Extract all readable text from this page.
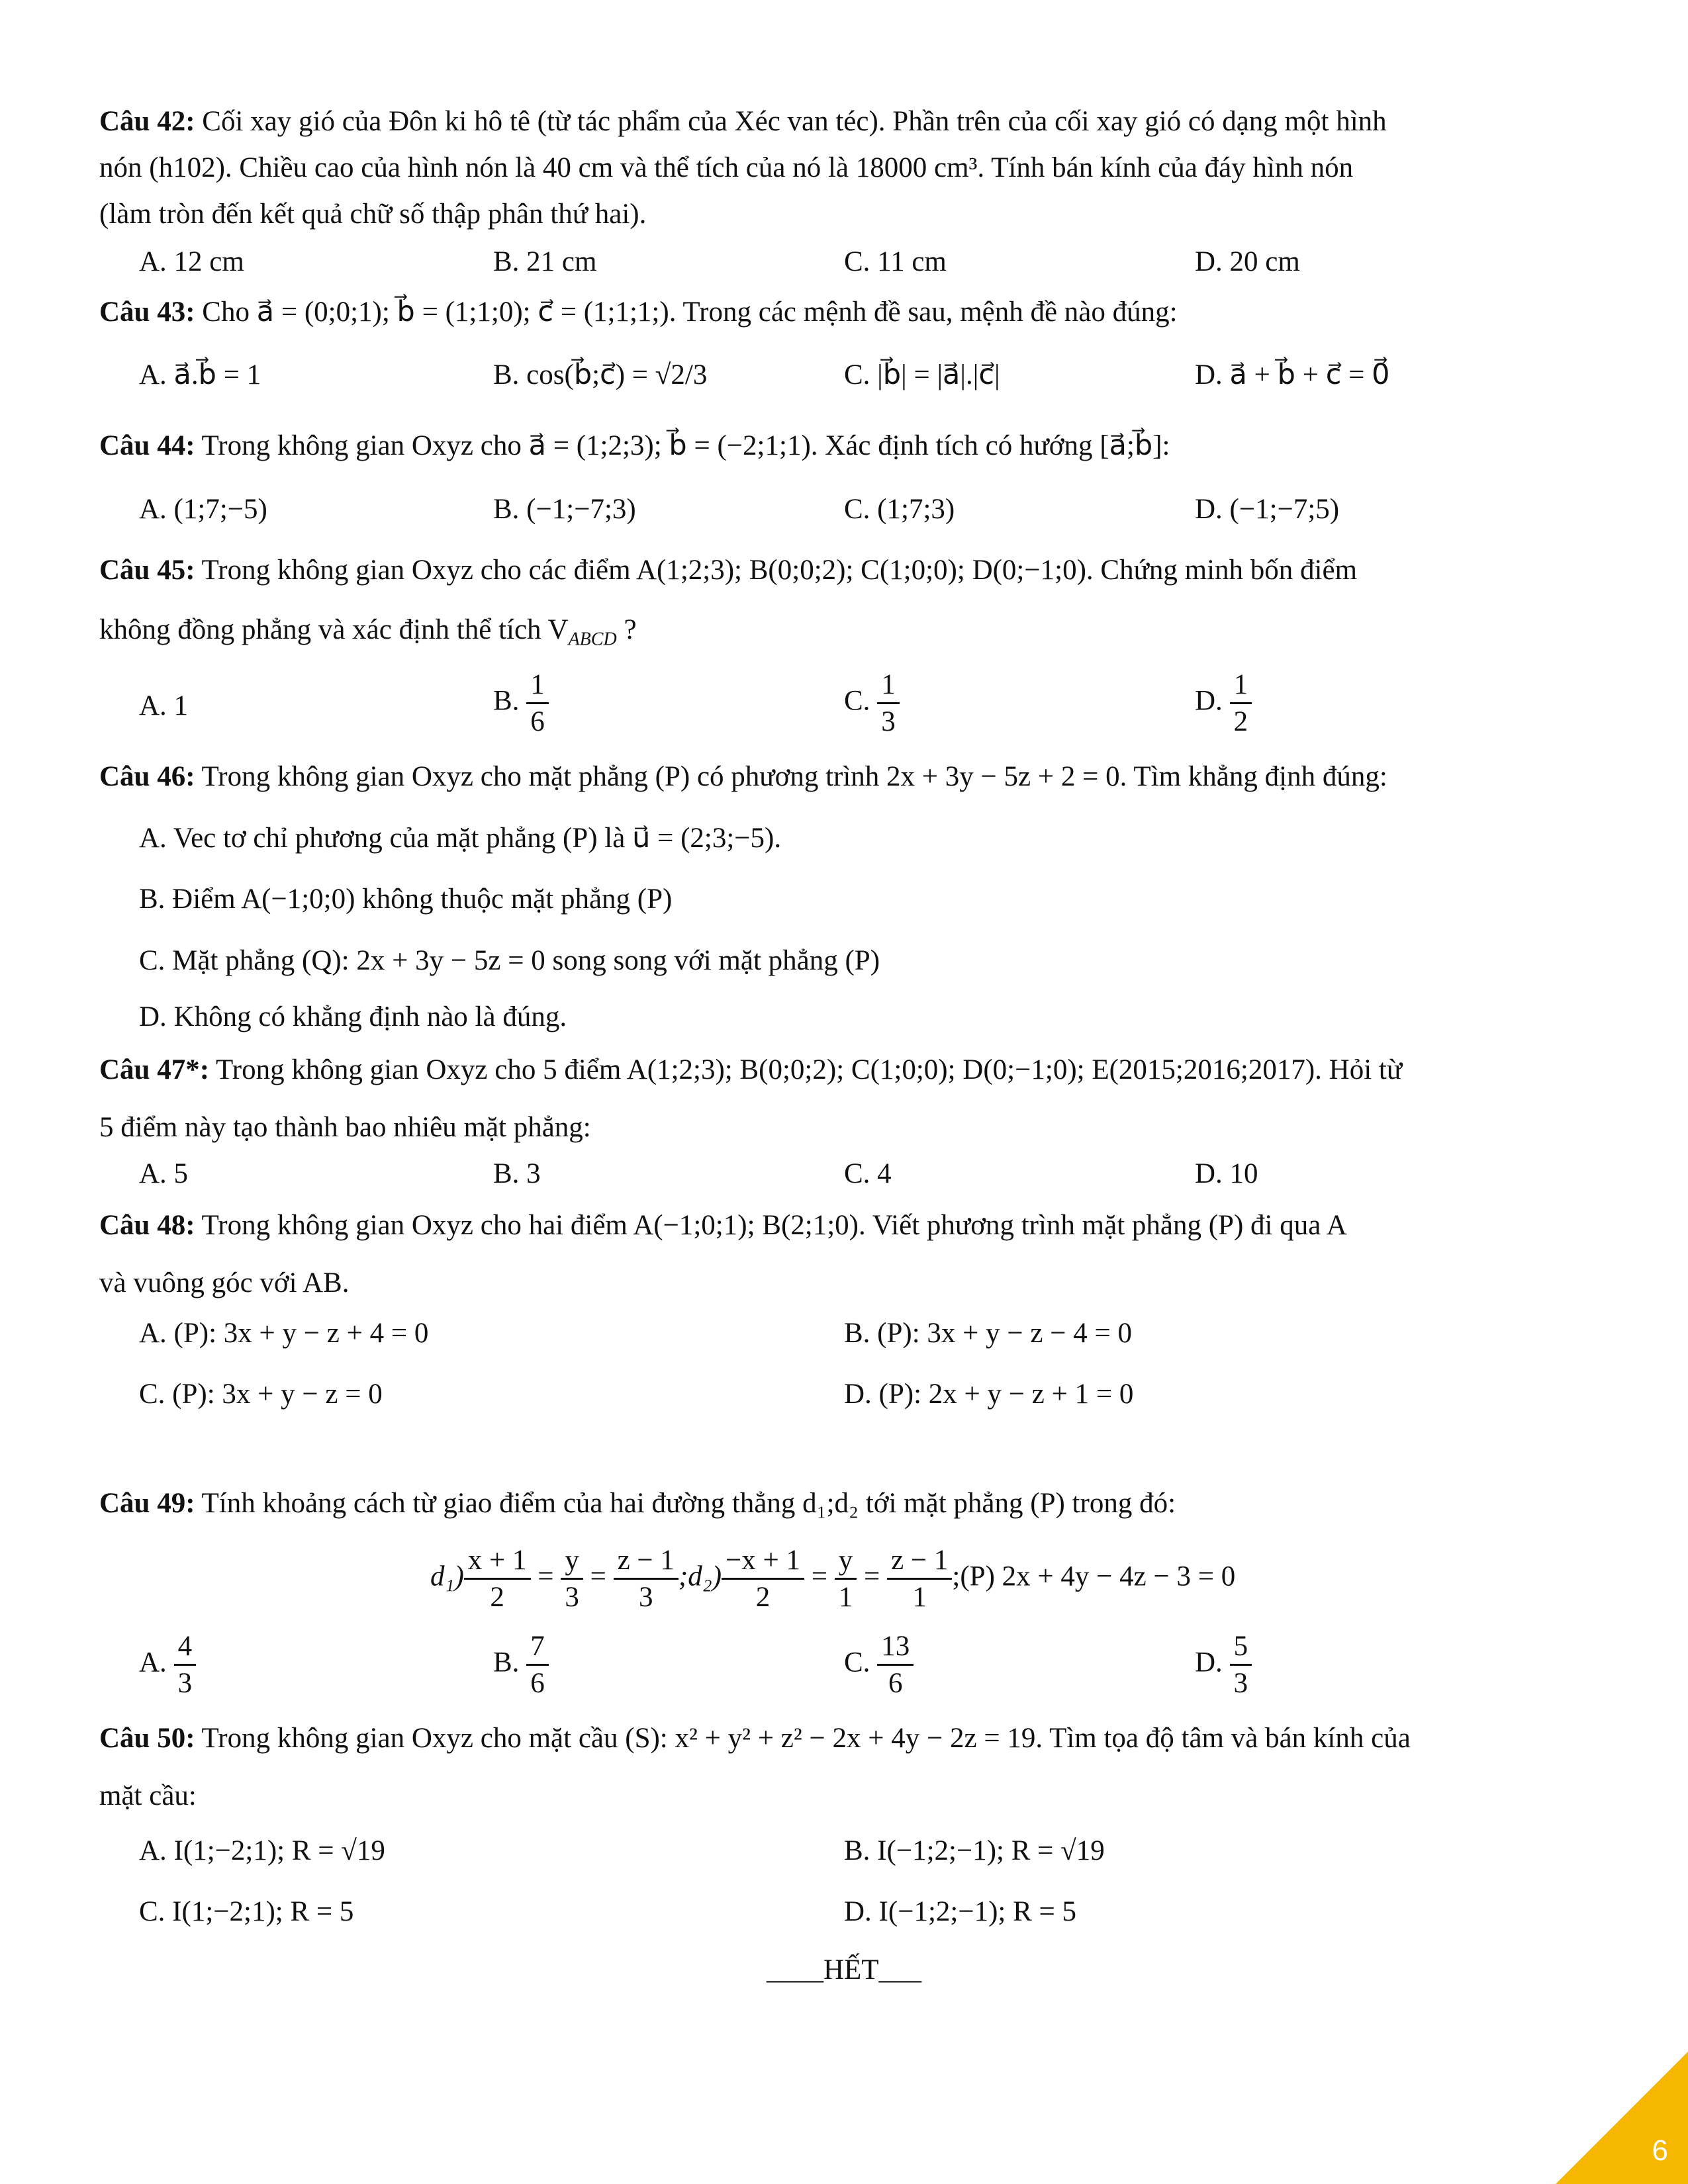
Câu 42: Cối xay gió của Đôn ki hô tê (từ tác phẩm của Xéc van téc). Phần trên của cối xay gió có dạng một hình
nón (h102). Chiều cao của hình nón là 40 cm và thể tích của nó là 18000 cm³. Tính bán kính của đáy hình nón
(làm tròn đến kết quả chữ số thập phân thứ hai).
A. 12 cm	B. 21 cm	C. 11 cm	D. 20 cm
Câu 43: Cho a⃗ = (0;0;1); b⃗ = (1;1;0); c⃗ = (1;1;1;). Trong các mệnh đề sau, mệnh đề nào đúng:
A. a⃗.b⃗ = 1	B. cos(b⃗;c⃗) = √2/3	C. |b⃗| = |a⃗|.|c⃗|	D. a⃗ + b⃗ + c⃗ = 0⃗
Câu 44: Trong không gian Oxyz cho a⃗ = (1;2;3); b⃗ = (−2;1;1). Xác định tích có hướng [a⃗;b⃗]:
A. (1;7;−5)	B. (−1;−7;3)	C. (1;7;3)	D. (−1;−7;5)
Câu 45: Trong không gian Oxyz cho các điểm A(1;2;3); B(0;0;2); C(1;0;0); D(0;−1;0). Chứng minh bốn điểm
không đồng phẳng và xác định thể tích $V_{ABCD}$ ?
A. 1	B. $\frac{1}{6}$	C. $\frac{1}{3}$	D. $\frac{1}{2}$
Câu 46: Trong không gian Oxyz cho mặt phẳng (P) có phương trình 2x + 3y − 5z + 2 = 0. Tìm khẳng định đúng:
A. Vec tơ chỉ phương của mặt phẳng (P) là u⃗ = (2;3;−5).
B. Điểm A(−1;0;0) không thuộc mặt phẳng (P)
C. Mặt phẳng (Q): 2x + 3y − 5z = 0 song song với mặt phẳng (P)
D. Không có khẳng định nào là đúng.
Câu 47*: Trong không gian Oxyz cho 5 điểm A(1;2;3); B(0;0;2); C(1;0;0); D(0;−1;0); E(2015;2016;2017). Hỏi từ
5 điểm này tạo thành bao nhiêu mặt phẳng:
A. 5	B. 3	C. 4	D. 10
Câu 48: Trong không gian Oxyz cho hai điểm A(−1;0;1); B(2;1;0). Viết phương trình mặt phẳng (P) đi qua A
và vuông góc với AB.
A. (P): 3x + y − z + 4 = 0	B. (P): 3x + y − z − 4 = 0
C. (P): 3x + y − z = 0	D. (P): 2x + y − z + 1 = 0
Câu 49: Tính khoảng cách từ giao điểm của hai đường thẳng d₁;d₂ tới mặt phẳng (P) trong đó:
$d_1) \frac{x + 1}{2} = \frac{y}{3} = \frac{z - 1}{3}$ ;d₂) $\frac{-x + 1}{2} = \frac{y}{1} = \frac{z - 1}{1}$ ;(P) 2x + 4y − 4z − 3 = 0
A. $\frac{4}{3}$	B. $\frac{7}{6}$	C. $\frac{13}{6}$	D. $\frac{5}{3}$
Câu 50: Trong không gian Oxyz cho mặt cầu (S): x² + y² + z² − 2x + 4y − 2z = 19. Tìm tọa độ tâm và bán kính của
mặt cầu:
A. I(1;−2;1); R = √19	B. I(−1;2;−1); R = √19
C. I(1;−2;1); R = 5	D. I(−1;2;−1); R = 5
____HẾT___
6
